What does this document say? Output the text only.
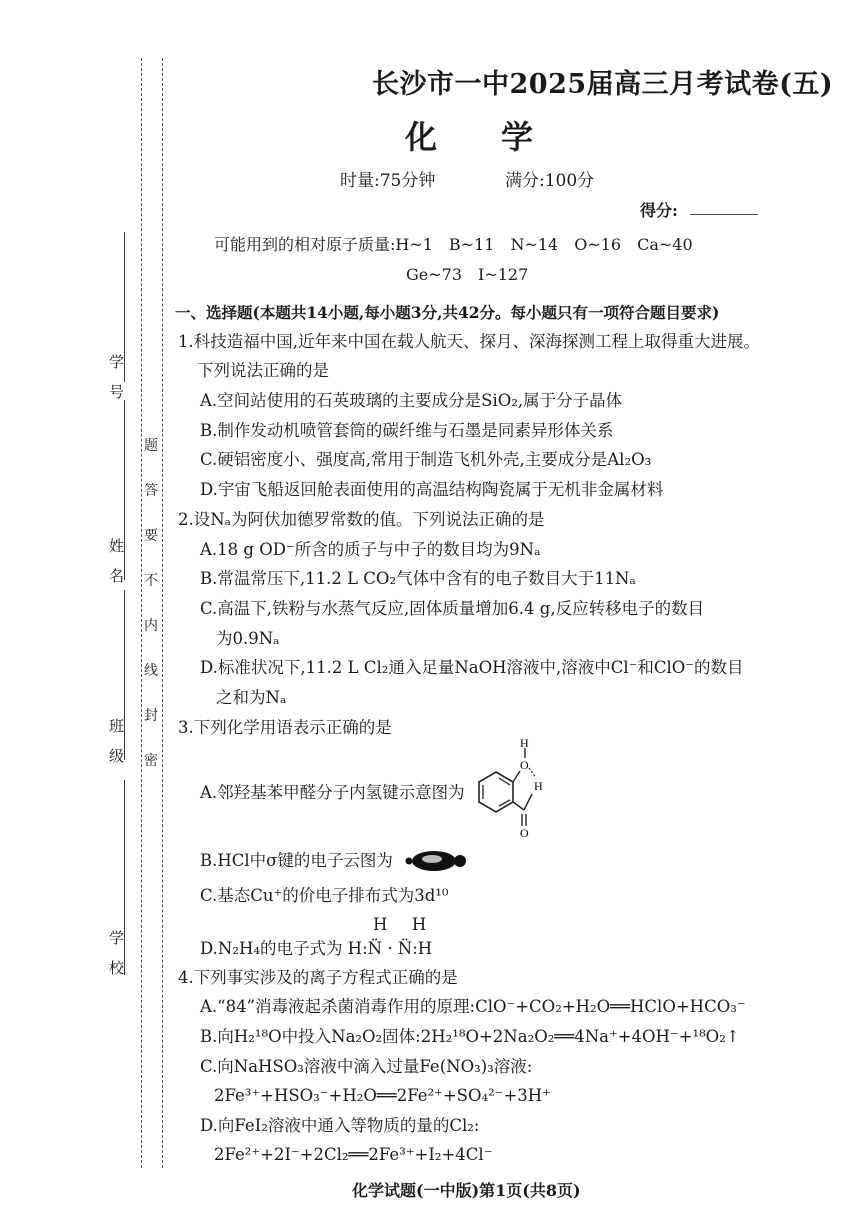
学　校
班　级
姓　名
学　号
题
答
要
不
内
线
封
密
长沙市一中2025届高三月考试卷(五)
化学
时量:75分钟	满分:100分
得分:
可能用到的相对原子质量:H~1　B~11　N~14　O~16　Ca~40
Ge~73　I~127
一、选择题(本题共14小题,每小题3分,共42分。每小题只有一项符合题目要求)
1.科技造福中国,近年来中国在载人航天、探月、深海探测工程上取得重大进展。
下列说法正确的是
A.空间站使用的石英玻璃的主要成分是SiO₂,属于分子晶体
B.制作发动机喷管套筒的碳纤维与石墨是同素异形体关系
C.硬铝密度小、强度高,常用于制造飞机外壳,主要成分是Al₂O₃
D.宇宙飞船返回舱表面使用的高温结构陶瓷属于无机非金属材料
2.设Nₐ为阿伏加德罗常数的值。下列说法正确的是
A.18 g OD⁻所含的质子与中子的数目均为9Nₐ
B.常温常压下,11.2 L CO₂气体中含有的电子数目大于11Nₐ
C.高温下,铁粉与水蒸气反应,固体质量增加6.4 g,反应转移电子的数目
为0.9Nₐ
D.标准状况下,11.2 L Cl₂通入足量NaOH溶液中,溶液中Cl⁻和ClO⁻的数目
之和为Nₐ
3.下列化学用语表示正确的是
A.邻羟基苯甲醛分子内氢键示意图为
H
O
H
O
B.HCl中σ键的电子云图为
C.基态Cu⁺的价电子排布式为3d¹⁰
H　H
D.N₂H₄的电子式为 H:N̈ · N̈:H
4.下列事实涉及的离子方程式正确的是
A.“84”消毒液起杀菌消毒作用的原理:ClO⁻+CO₂+H₂O══HClO+HCO₃⁻
B.向H₂¹⁸O中投入Na₂O₂固体:2H₂¹⁸O+2Na₂O₂══4Na⁺+4OH⁻+¹⁸O₂↑
C.向NaHSO₃溶液中滴入过量Fe(NO₃)₃溶液:
2Fe³⁺+HSO₃⁻+H₂O══2Fe²⁺+SO₄²⁻+3H⁺
D.向FeI₂溶液中通入等物质的量的Cl₂:
2Fe²⁺+2I⁻+2Cl₂══2Fe³⁺+I₂+4Cl⁻
化学试题(一中版)第1页(共8页)
